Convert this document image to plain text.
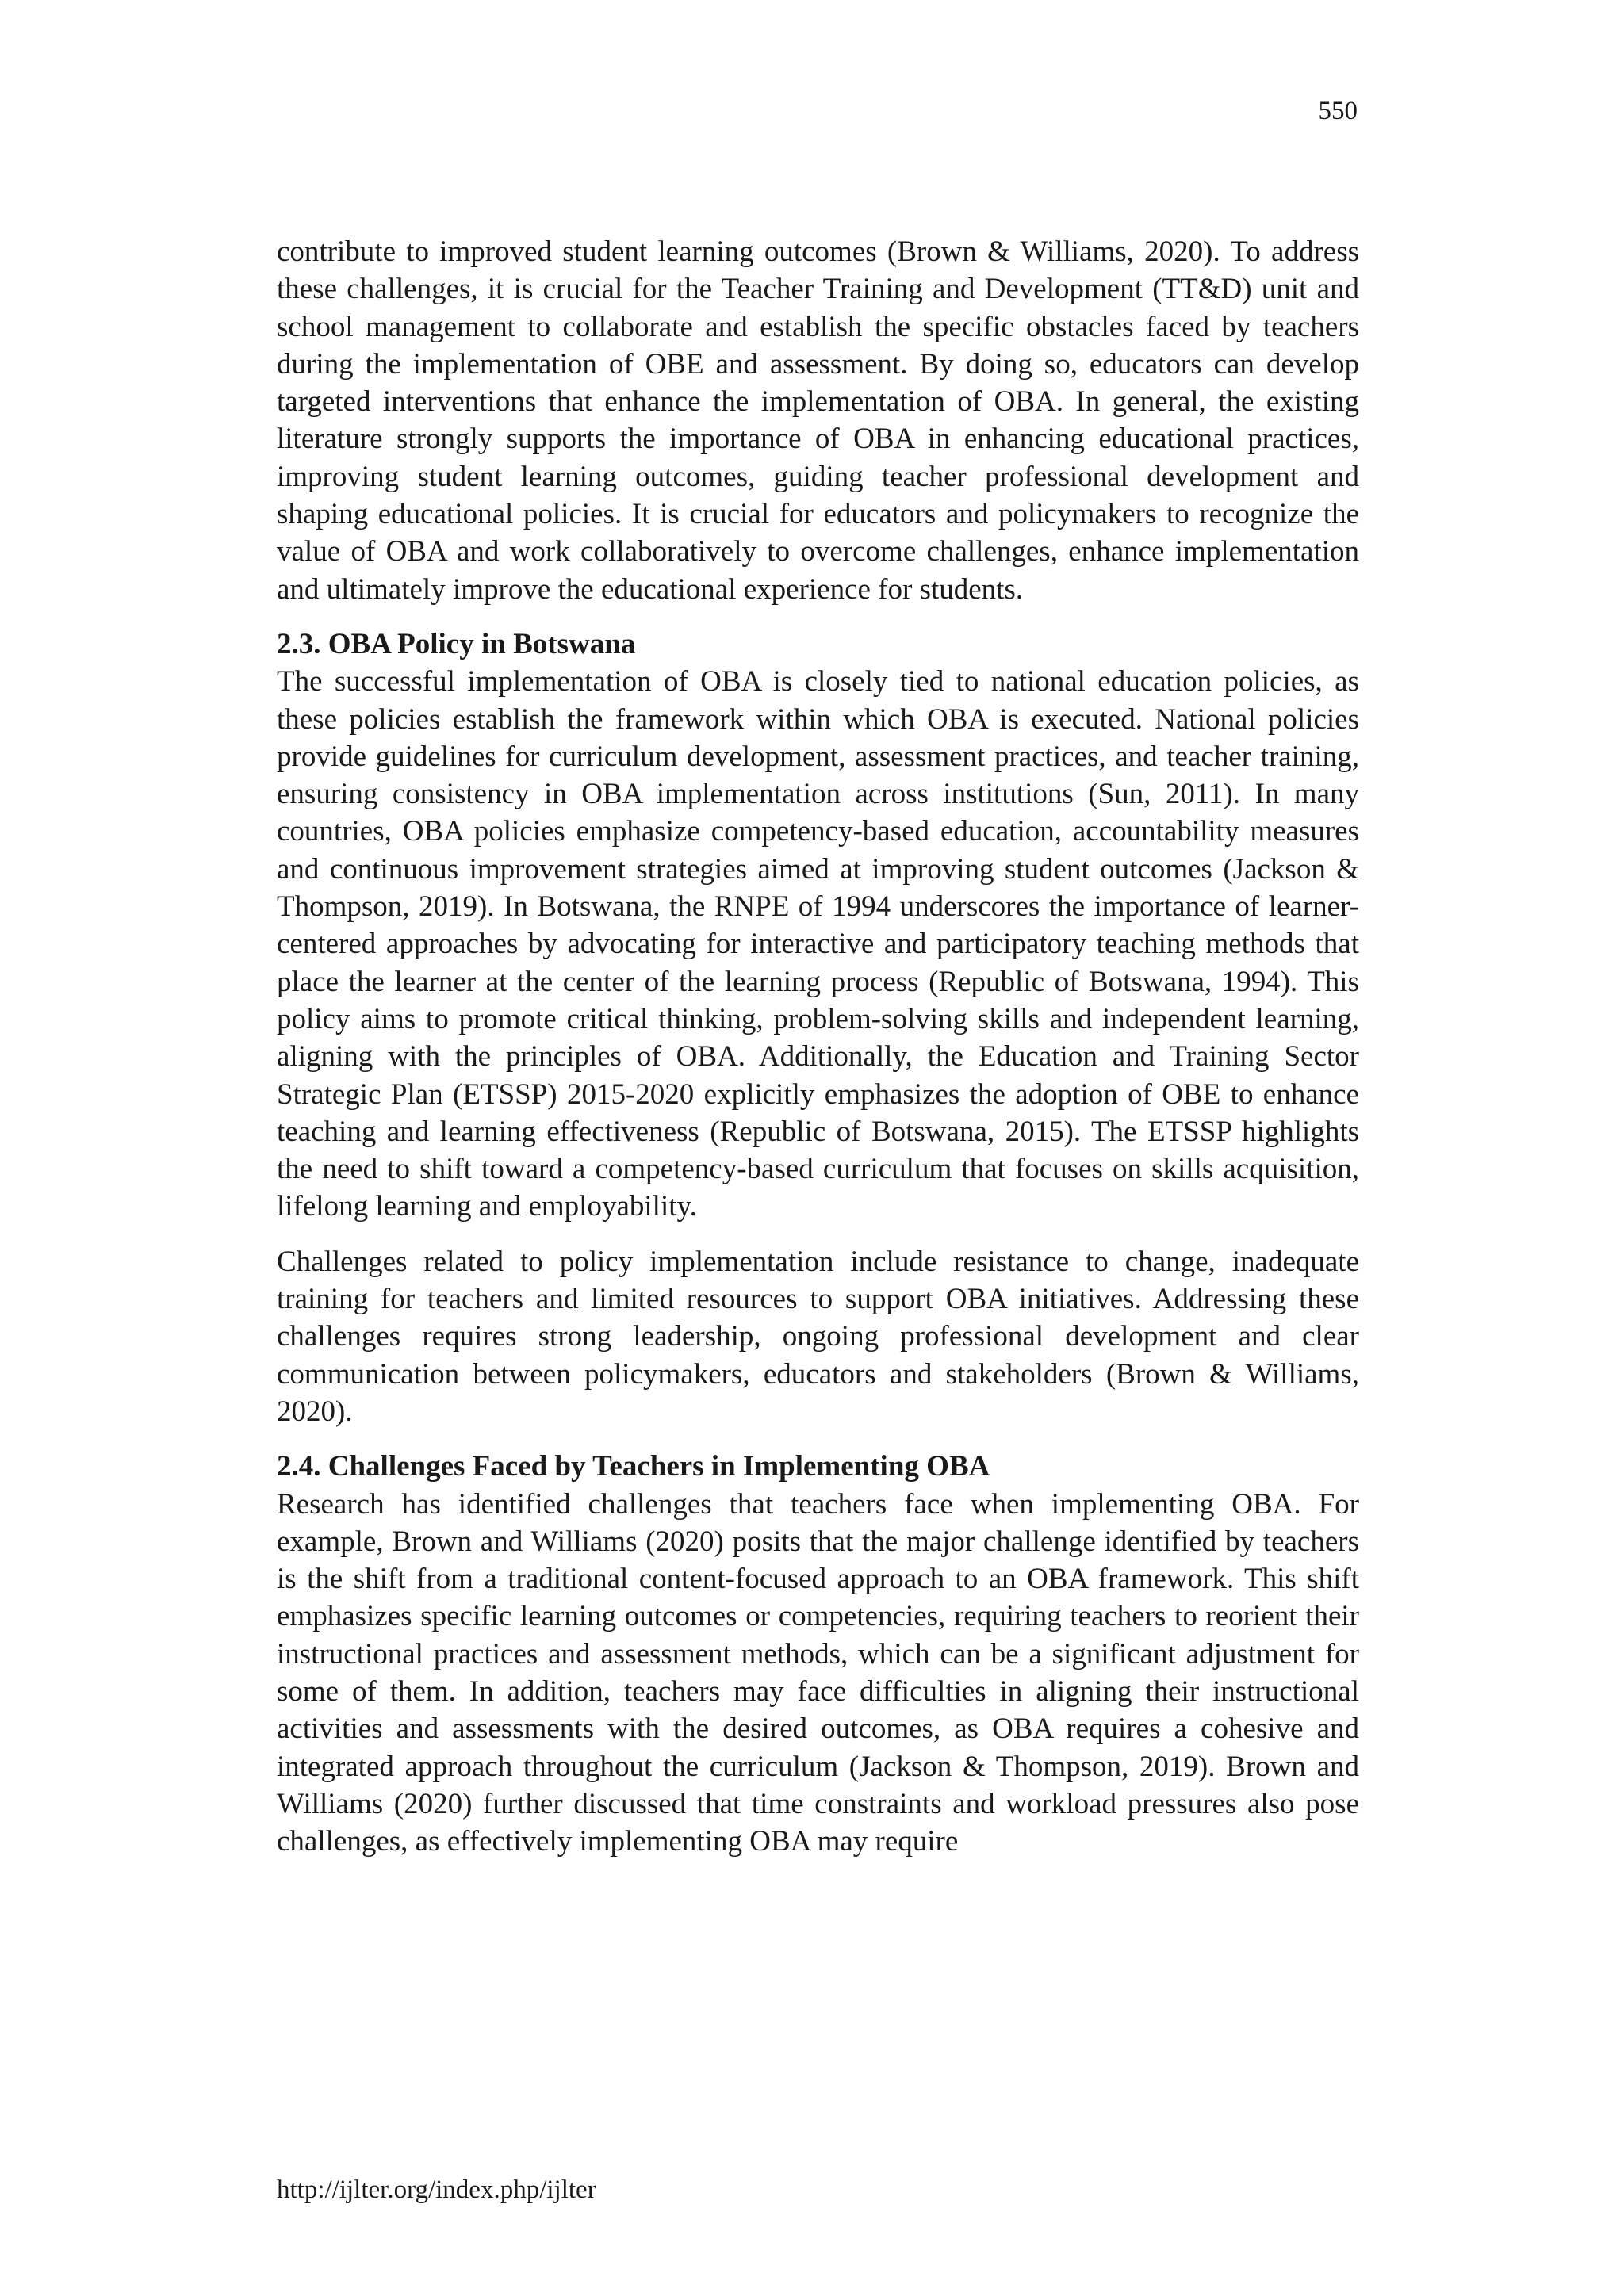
550

contribute to improved student learning outcomes (Brown & Williams, 2020). To address these challenges, it is crucial for the Teacher Training and Development (TT&D) unit and school management to collaborate and establish the specific obstacles faced by teachers during the implementation of OBE and assessment. By doing so, educators can develop targeted interventions that enhance the implementation of OBA. In general, the existing literature strongly supports the importance of OBA in enhancing educational practices, improving student learning outcomes, guiding teacher professional development and shaping educational policies. It is crucial for educators and policymakers to recognize the value of OBA and work collaboratively to overcome challenges, enhance implementation and ultimately improve the educational experience for students.

2.3. OBA Policy in Botswana

The successful implementation of OBA is closely tied to national education policies, as these policies establish the framework within which OBA is executed. National policies provide guidelines for curriculum development, assessment practices, and teacher training, ensuring consistency in OBA implementation across institutions (Sun, 2011). In many countries, OBA policies emphasize competency-based education, accountability measures and continuous improvement strategies aimed at improving student outcomes (Jackson & Thompson, 2019). In Botswana, the RNPE of 1994 underscores the importance of learner-centered approaches by advocating for interactive and participatory teaching methods that place the learner at the center of the learning process (Republic of Botswana, 1994). This policy aims to promote critical thinking, problem-solving skills and independent learning, aligning with the principles of OBA. Additionally, the Education and Training Sector Strategic Plan (ETSSP) 2015-2020 explicitly emphasizes the adoption of OBE to enhance teaching and learning effectiveness (Republic of Botswana, 2015). The ETSSP highlights the need to shift toward a competency-based curriculum that focuses on skills acquisition, lifelong learning and employability.

Challenges related to policy implementation include resistance to change, inadequate training for teachers and limited resources to support OBA initiatives. Addressing these challenges requires strong leadership, ongoing professional development and clear communication between policymakers, educators and stakeholders (Brown & Williams, 2020).

2.4. Challenges Faced by Teachers in Implementing OBA

Research has identified challenges that teachers face when implementing OBA. For example, Brown and Williams (2020) posits that the major challenge identified by teachers is the shift from a traditional content-focused approach to an OBA framework. This shift emphasizes specific learning outcomes or competencies, requiring teachers to reorient their instructional practices and assessment methods, which can be a significant adjustment for some of them. In addition, teachers may face difficulties in aligning their instructional activities and assessments with the desired outcomes, as OBA requires a cohesive and integrated approach throughout the curriculum (Jackson & Thompson, 2019). Brown and Williams (2020) further discussed that time constraints and workload pressures also pose challenges, as effectively implementing OBA may require

http://ijlter.org/index.php/ijlter
